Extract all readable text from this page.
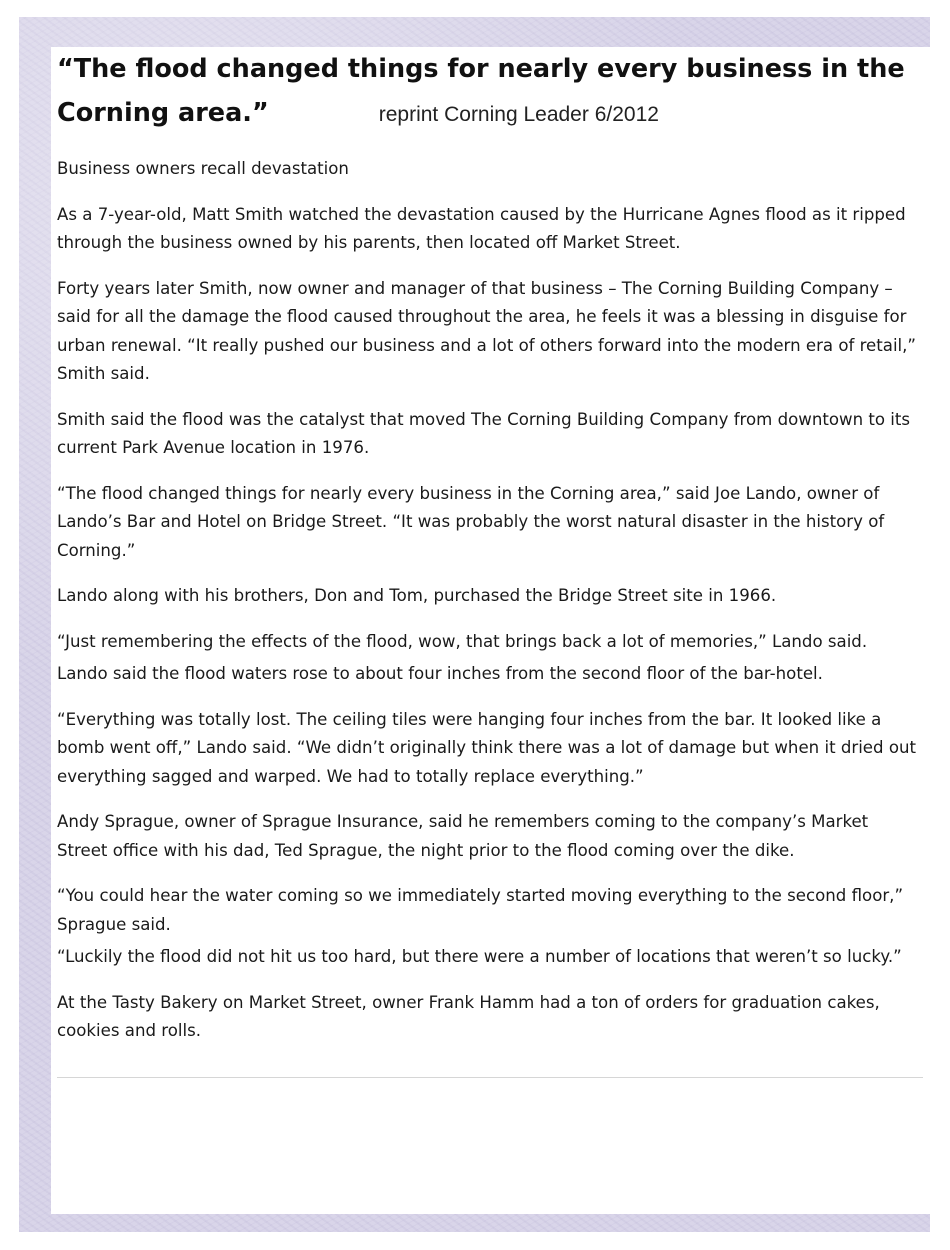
“The flood changed things for nearly every business in the
Corning area.”	reprint Corning Leader 6/2012

Business owners recall devastation

As a 7-year-old, Matt Smith watched the devastation caused by the Hurricane Agnes flood as it ripped through the business owned by his parents, then located off Market Street.

Forty years later Smith, now owner and manager of that business – The Corning Building Company – said for all the damage the flood caused throughout the area, he feels it was a blessing in disguise for urban renewal. “It really pushed our business and a lot of others forward into the modern era of retail,” Smith said.

Smith said the flood was the catalyst that moved The Corning Building Company from downtown to its current Park Avenue location in 1976.

“The flood changed things for nearly every business in the Corning area,” said Joe Lando, owner of Lando’s Bar and Hotel on Bridge Street. “It was probably the worst natural disaster in the history of Corning.”

Lando along with his brothers, Don and Tom, purchased the Bridge Street site in 1966.

“Just remembering the effects of the flood, wow, that brings back a lot of memories,” Lando said.

Lando said the flood waters rose to about four inches from the second floor of the bar-hotel.

“Everything was totally lost. The ceiling tiles were hanging four inches from the bar. It looked like a bomb went off,” Lando said. “We didn’t originally think there was a lot of damage but when it dried out everything sagged and warped. We had to totally replace everything.”

Andy Sprague, owner of Sprague Insurance, said he remembers coming to the company’s Market Street office with his dad, Ted Sprague, the night prior to the flood coming over the dike.

“You could hear the water coming so we immediately started moving everything to the second floor,” Sprague said.

“Luckily the flood did not hit us too hard, but there were a number of locations that weren’t so lucky.”

At the Tasty Bakery on Market Street, owner Frank Hamm had a ton of orders for graduation cakes, cookies and rolls.
